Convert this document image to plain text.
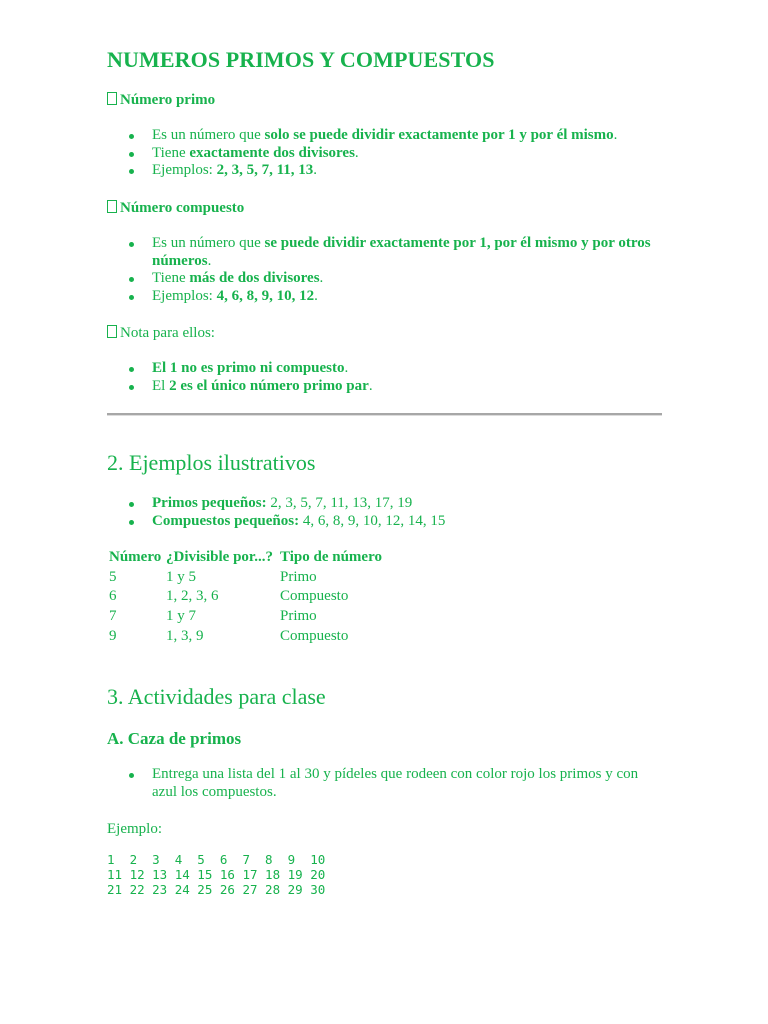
NUMEROS PRIMOS Y COMPUESTOS

Número primo

Es un número que solo se puede dividir exactamente por 1 y por él mismo.
Tiene exactamente dos divisores.
Ejemplos: 2, 3, 5, 7, 11, 13.

Número compuesto

Es un número que se puede dividir exactamente por 1, por él mismo y por otros números.
Tiene más de dos divisores.
Ejemplos: 4, 6, 8, 9, 10, 12.

Nota para ellos:

El 1 no es primo ni compuesto.
El 2 es el único número primo par.
2. Ejemplos ilustrativos
Primos pequeños: 2, 3, 5, 7, 11, 13, 17, 19
Compuestos pequeños: 4, 6, 8, 9, 10, 12, 14, 15
Número	¿Divisible por...?	Tipo de número
5	1 y 5	Primo
6	1, 2, 3, 6	Compuesto
7	1 y 7	Primo
9	1, 3, 9	Compuesto
3. Actividades para clase
A. Caza de primos
Entrega una lista del 1 al 30 y pídeles que rodeen con color rojo los primos y con azul los compuestos.

Ejemplo:

1  2  3  4  5  6  7  8  9  10
11 12 13 14 15 16 17 18 19 20
21 22 23 24 25 26 27 28 29 30
